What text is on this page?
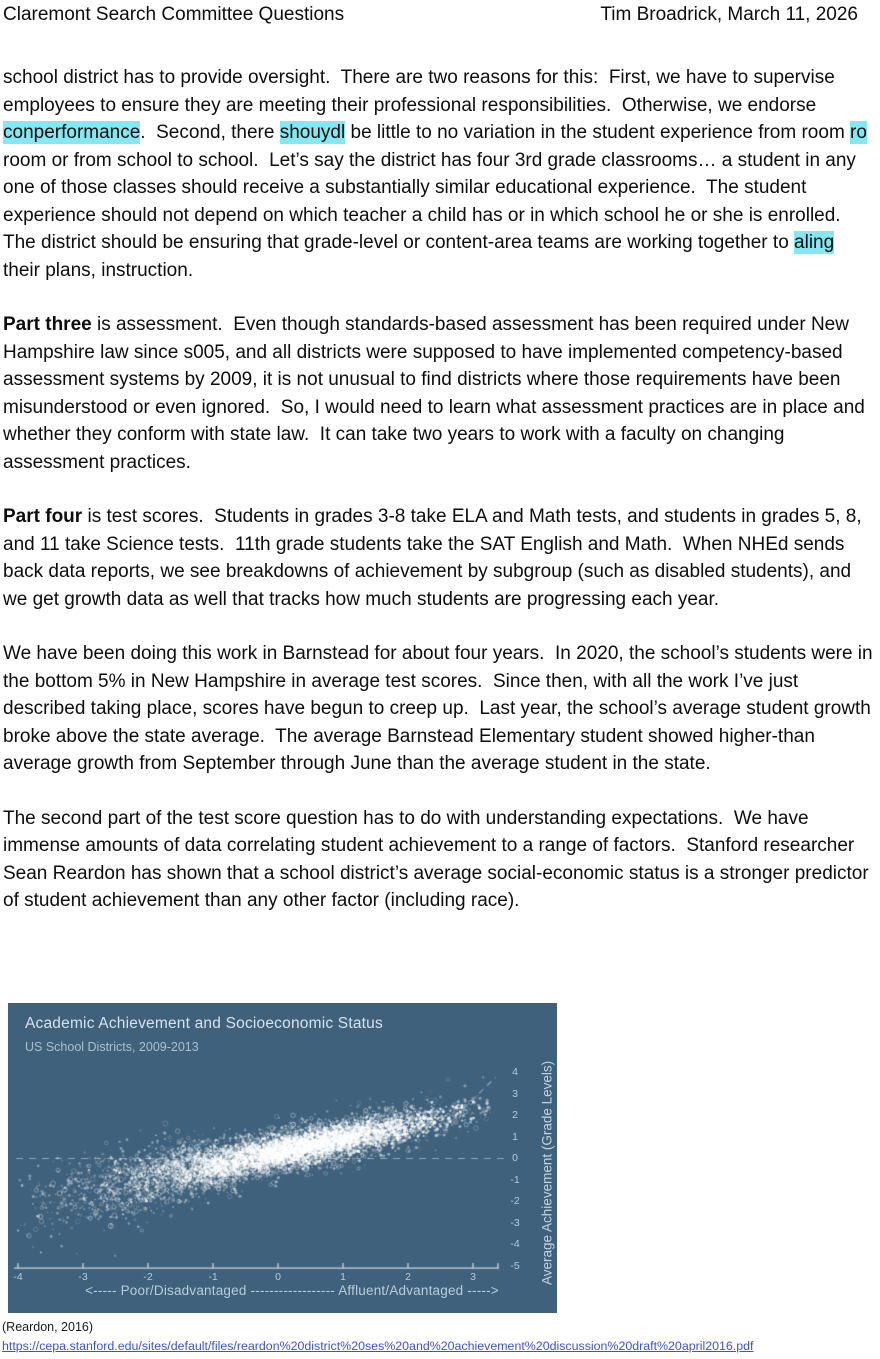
Claremont Search Committee Questions	Tim Broadrick, March 11, 2026
school district has to provide oversight.  There are two reasons for this:  First, we have to supervise employees to ensure they are meeting their professional responsibilities.  Otherwise, we endorse conperformance.  Second, there shouydl be little to no variation in the student experience from room ro room or from school to school.  Let’s say the district has four 3rd grade classrooms… a student in any one of those classes should receive a substantially similar educational experience.  The student experience should not depend on which teacher a child has or in which school he or she is enrolled.  The district should be ensuring that grade-level or content-area teams are working together to aling their plans, instruction.
Part three is assessment.  Even though standards-based assessment has been required under New Hampshire law since s005, and all districts were supposed to have implemented competency-based assessment systems by 2009, it is not unusual to find districts where those requirements have been misunderstood or even ignored.  So, I would need to learn what assessment practices are in place and whether they conform with state law.  It can take two years to work with a faculty on changing assessment practices.
Part four is test scores.  Students in grades 3-8 take ELA and Math tests, and students in grades 5, 8, and 11 take Science tests.  11th grade students take the SAT English and Math.  When NHEd sends back data reports, we see breakdowns of achievement by subgroup (such as disabled students), and we get growth data as well that tracks how much students are progressing each year.
We have been doing this work in Barnstead for about four years.  In 2020, the school’s students were in the bottom 5% in New Hampshire in average test scores.  Since then, with all the work I’ve just described taking place, scores have begun to creep up.  Last year, the school’s average student growth broke above the state average.  The average Barnstead Elementary student showed higher-than average growth from September through June than the average student in the state.
The second part of the test score question has to do with understanding expectations.  We have immense amounts of data correlating student achievement to a range of factors.  Stanford researcher Sean Reardon has shown that a school district’s average social-economic status is a stronger predictor of student achievement than any other factor (including race).
Academic Achievement and Socioeconomic Status
US School Districts, 2009-2013
Average Achievement (Grade Levels)
-4	-3	-2	-1	0	1	2	3
4
3
2
1
0
-1
-2
-3
-4
-5
<----- Poor/Disadvantaged ------------------ Affluent/Advantaged ----->
(Reardon, 2016)
https://cepa.stanford.edu/sites/default/files/reardon%20district%20ses%20and%20achievement%20discussion%20draft%20april2016.pdf
